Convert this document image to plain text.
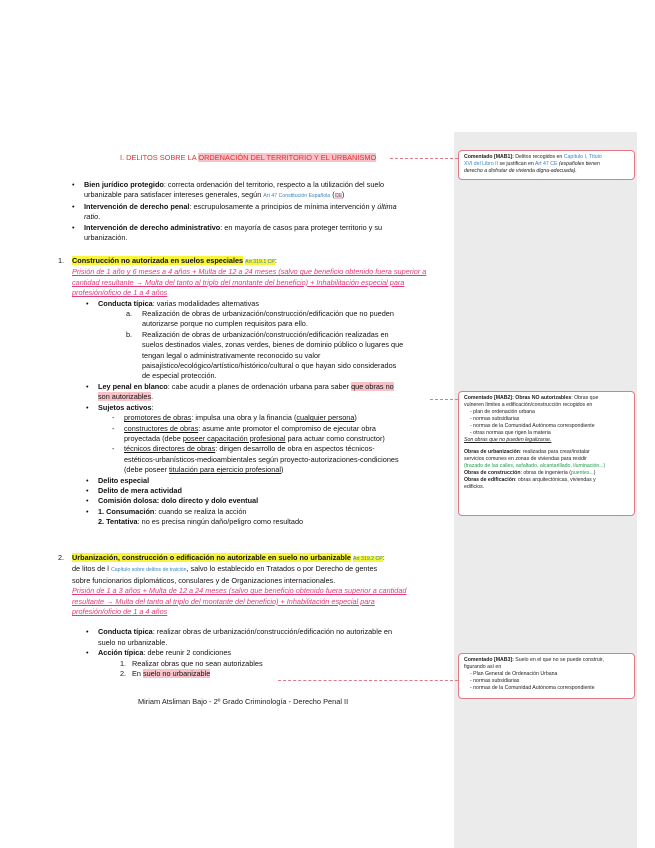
I. DELITOS SOBRE LA ORDENACIÓN DEL TERRITORIO Y EL URBANISMO
• Bien jurídico protegido: correcta ordenación del territorio, respecto a la utilización del suelo
urbanizable para satisfacer intereses generales, según Art 47 Constitución Española (CE)
• Intervención de derecho penal: escrupulosamente a principios de mínima intervención y última
ratio.
• Intervención de derecho administrativo: en mayoría de casos para proteger territorio y su
urbanización.
1. Construcción no autorizada en suelos especiales Art 319.1 CP:
Prisión de 1 año y 6 meses a 4 años + Multa de 12 a 24 meses (salvo que beneficio obtenido fuera superior a
cantidad resultante → Multa del tanto al triplo del montante del beneficio) + Inhabilitación especial para
profesión/oficio de 1 a 4 años
• Conducta típica: varias modalidades alternativas
a. Realización de obras de urbanización/construcción/edificación que no pueden
autorizarse porque no cumplen requisitos para ello.
b. Realización de obras de urbanización/construcción/edificación realizadas en
suelos destinados viales, zonas verdes, bienes de dominio público o lugares que
tengan legal o administrativamente reconocido su valor
paisajístico/ecológico/artístico/histórico/cultural o que hayan sido considerados
de especial protección.
• Ley penal en blanco: cabe acudir a planes de ordenación urbana para saber que obras no
son autorizables.
• Sujetos activos:
- promotores de obras: impulsa una obra y la financia (cualquier persona)
- constructores de obras: asume ante promotor el compromiso de ejecutar obra
proyectada (debe poseer capacitación profesional para actuar como constructor)
- técnicos directores de obras: dirigen desarrollo de obra en aspectos técnicos-
estéticos-urbanísticos-medioambientales según proyecto-autorizaciones-condiciones
(debe poseer titulación para ejercicio profesional)
• Delito especial
• Delito de mera actividad
• Comisión dolosa: dolo directo y dolo eventual
• 1. Consumación: cuando se realiza la acción
2. Tentativa: no es precisa ningún daño/peligro como resultado
2. Urbanización, construcción o edificación no autorizable en suelo no urbanizable Art 319.2 CP:
de litos de l Capítulo sobre delitos de traición, salvo lo establecido en Tratados o por Derecho de gentes
sobre funcionarios diplomáticos, consulares y de Organizaciones internacionales.
Prisión de 1 a 3 años + Multa de 12 a 24 meses (salvo que beneficio obtenido fuera superior a cantidad
resultante → Multa del tanto al triplo del montante del beneficio) + Inhabilitación especial para
profesión/oficio de 1 a 4 años
• Conducta típica: realizar obras de urbanización/construcción/edificación no autorizable en
suelo no urbanizable.
• Acción típica: debe reunir 2 condiciones
1. Realizar obras que no sean autorizables
2. En suelo no urbanizable
Miriam Atsliman Bajo - 2º Grado Criminología - Derecho Penal II
Comentado [MAB1]: Delitos recogidos en Capítulo I, Título
XVI del Libro II se justifican en Art 47 CE (españoles tienen
derecho a disfrutar de vivienda digna-adecuada).
Comentado [MAB2]: Obras NO autorizables: Obras que
vulneren límites a edificación/construcción recogidos en
- plan de ordenación urbana
- normas subsidiarias
- normas de la Comunidad Autónoma correspondiente
- otras normas que rigen la materia
Son obras que no pueden legalizarse.

Obras de urbanización: realizadas para crear/instalar
servicios comunes en zonas de viviendas para residir
(trazado de las calles, asfaltado, alcantarillado, iluminación...)
Obras de construcción: obras de ingeniería (puentes...)
Obras de edificación: obras arquitectónicas, viviendas y
edificios.
Comentado [MAB3]: Suelo en el que no se puede construir,
figurando así en
- Plan General de Ordenación Urbana
- normas subsidiarias
- normas de la Comunidad Autónoma correspondiente
